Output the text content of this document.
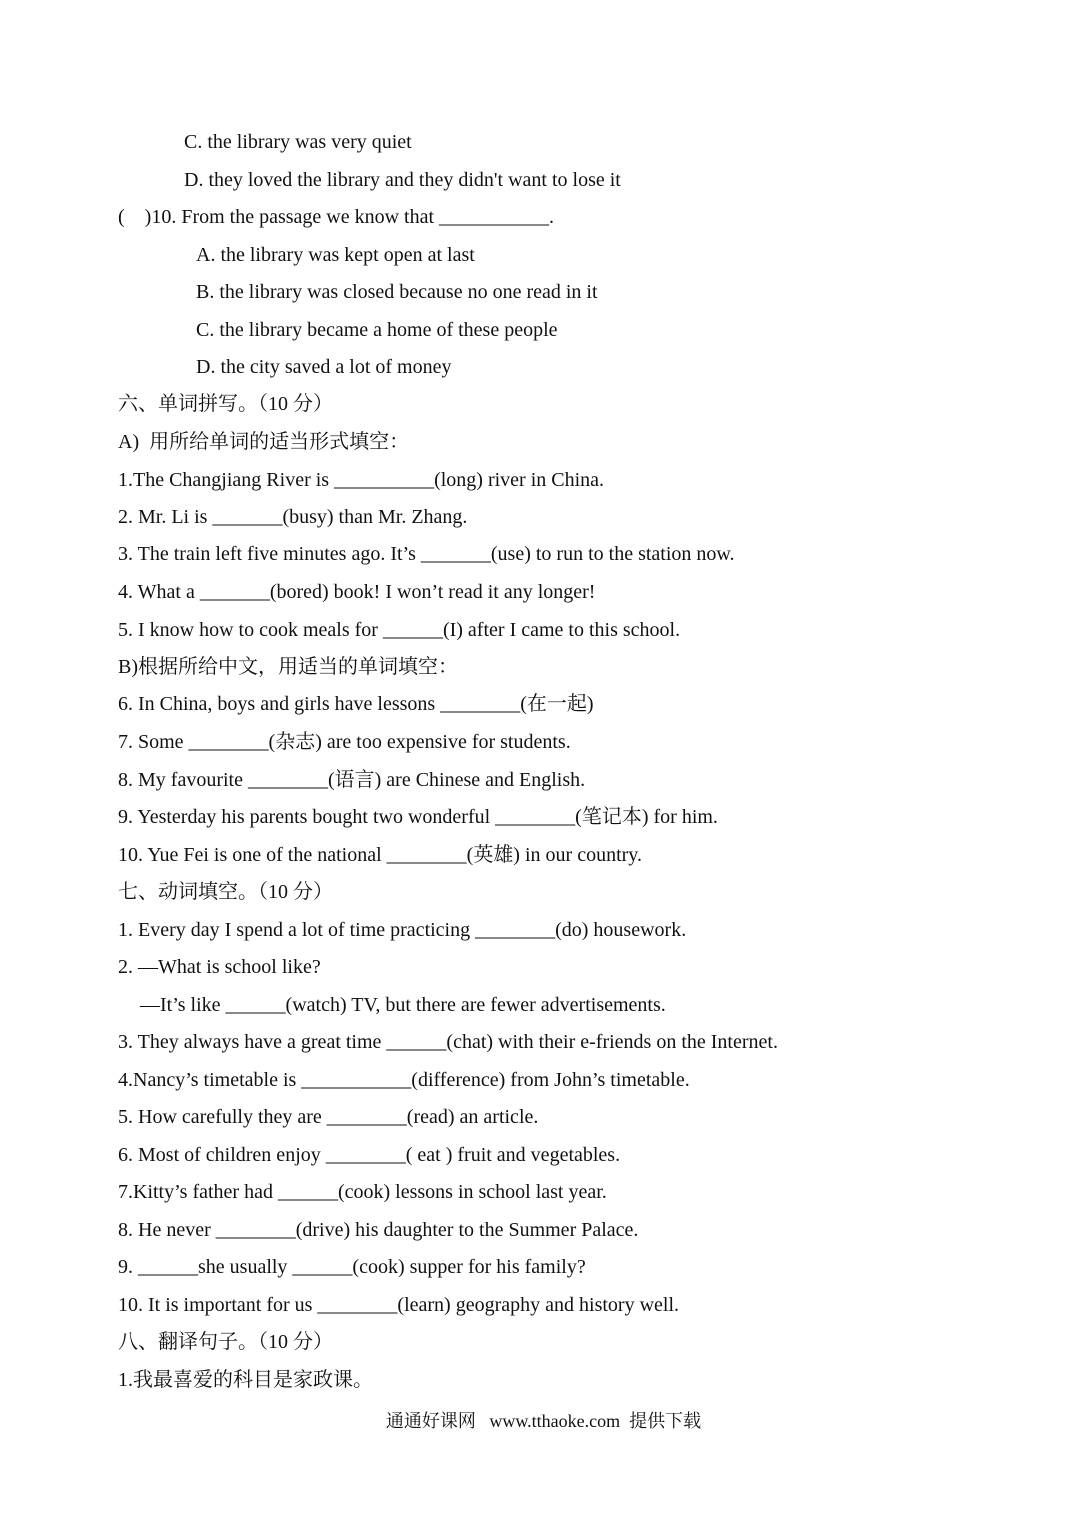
C. the library was very quiet
D. they loved the library and they didn't want to lose it
(    )10. From the passage we know that ___________.
A. the library was kept open at last
B. the library was closed because no one read in it
C. the library became a home of these people
D. the city saved a lot of money
六、单词拼写。（10 分）
A)  用所给单词的适当形式填空：
1.The Changjiang River is __________(long) river in China.
2. Mr. Li is _______(busy) than Mr. Zhang.
3. The train left five minutes ago. It’s _______(use) to run to the station now.
4. What a _______(bored) book! I won’t read it any longer!
5. I know how to cook meals for ______(I) after I came to this school.
B)根据所给中文，用适当的单词填空：
6. In China, boys and girls have lessons ________(在一起)
7. Some ________(杂志) are too expensive for students.
8. My favourite ________(语言) are Chinese and English.
9. Yesterday his parents bought two wonderful ________(笔记本) for him.
10. Yue Fei is one of the national ________(英雄) in our country.
七、动词填空。（10 分）
1. Every day I spend a lot of time practicing ________(do) housework.
2. —What is school like?
—It’s like ______(watch) TV, but there are fewer advertisements.
3. They always have a great time ______(chat) with their e-friends on the Internet.
4.Nancy’s timetable is ___________(difference) from John’s timetable.
5. How carefully they are ________(read) an article.
6. Most of children enjoy ________( eat ) fruit and vegetables.
7.Kitty’s father had ______(cook) lessons in school last year.
8. He never ________(drive) his daughter to the Summer Palace.
9. ______she usually ______(cook) supper for his family?
10. It is important for us ________(learn) geography and history well.
八、翻译句子。（10 分）
1.我最喜爱的科目是家政课。
通通好课网   www.tthaoke.com  提供下载
